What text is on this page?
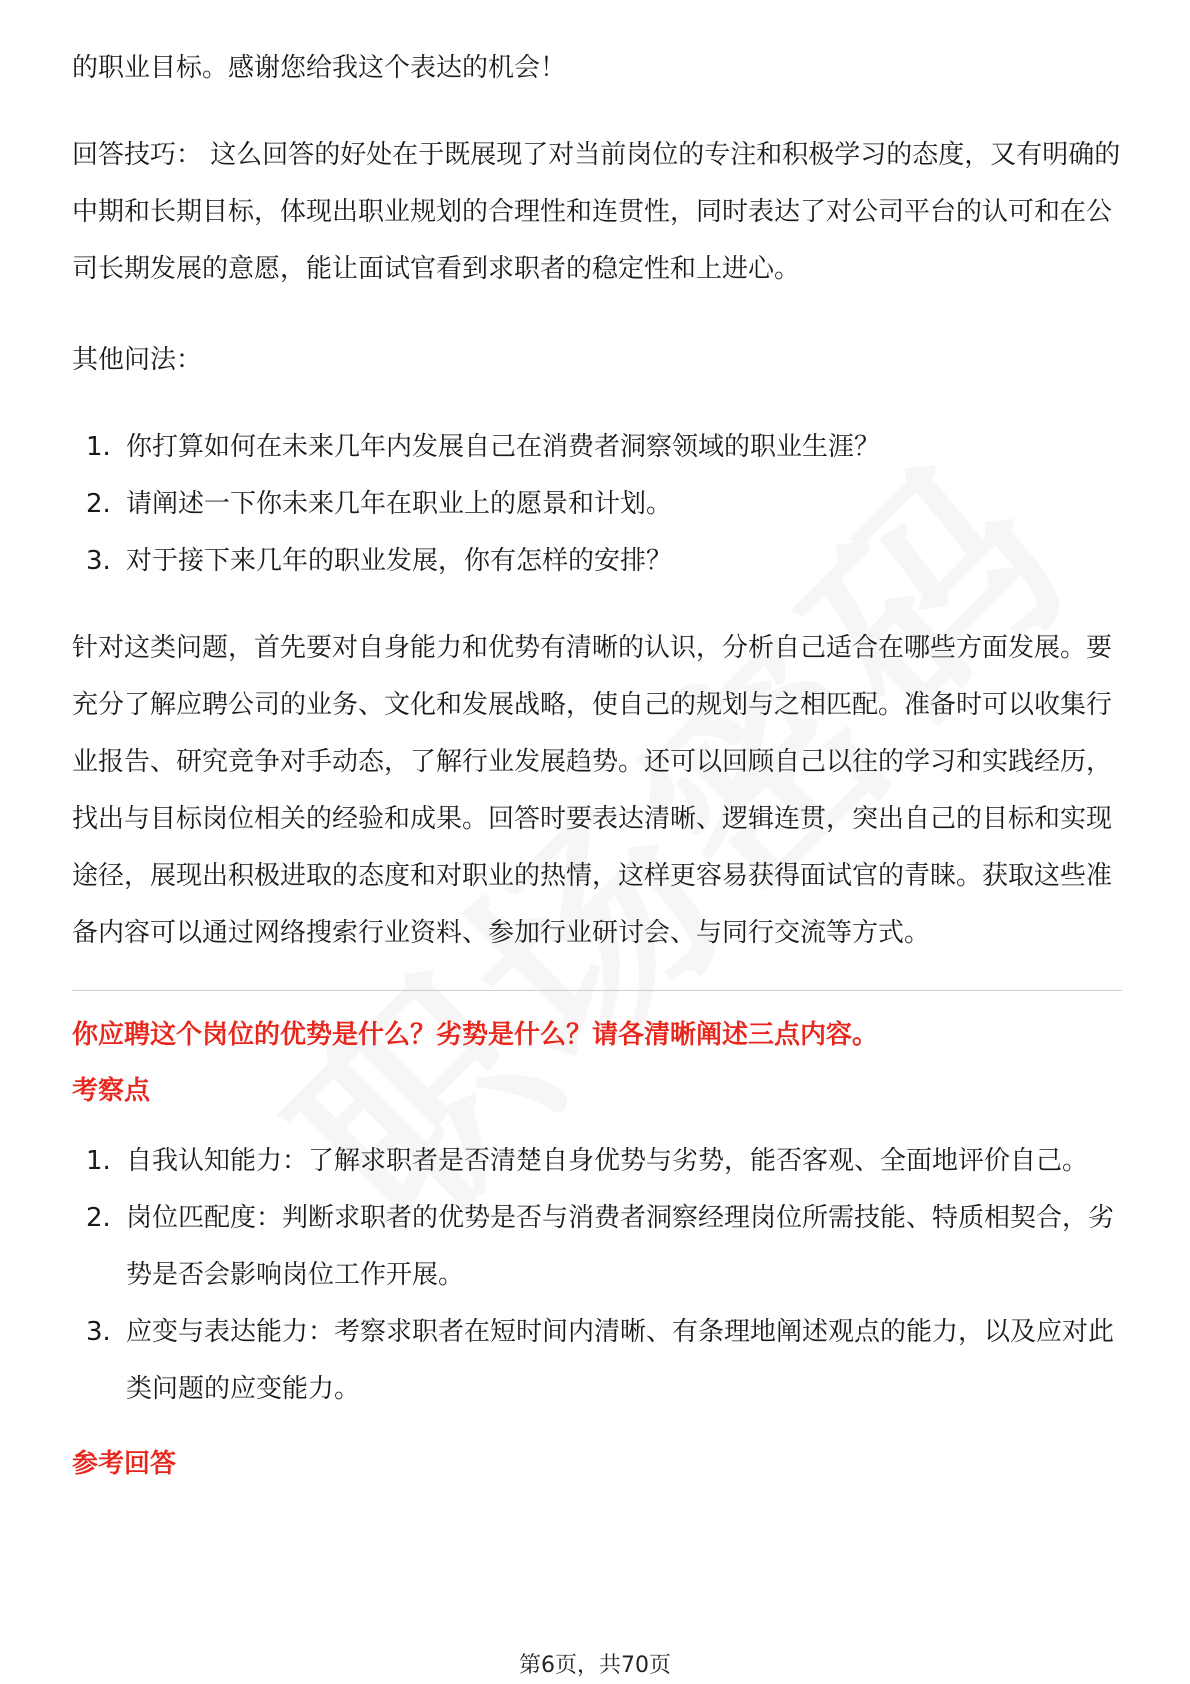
的职业目标。感谢您给我这个表达的机会！

回答技巧： 这么回答的好处在于既展现了对当前岗位的专注和积极学习的态度，又有明确的中期和长期目标，体现出职业规划的合理性和连贯性，同时表达了对公司平台的认可和在公司长期发展的意愿，能让面试官看到求职者的稳定性和上进心。

其他问法：

1. 你打算如何在未来几年内发展自己在消费者洞察领域的职业生涯？
2. 请阐述一下你未来几年在职业上的愿景和计划。
3. 对于接下来几年的职业发展，你有怎样的安排？

针对这类问题，首先要对自身能力和优势有清晰的认识，分析自己适合在哪些方面发展。要充分了解应聘公司的业务、文化和发展战略，使自己的规划与之相匹配。准备时可以收集行业报告、研究竞争对手动态，了解行业发展趋势。还可以回顾自己以往的学习和实践经历，找出与目标岗位相关的经验和成果。回答时要表达清晰、逻辑连贯，突出自己的目标和实现途径，展现出积极进取的态度和对职业的热情，这样更容易获得面试官的青睐。获取这些准备内容可以通过网络搜索行业资料、参加行业研讨会、与同行交流等方式。

你应聘这个岗位的优势是什么？劣势是什么？请各清晰阐述三点内容。
考察点
1. 自我认知能力：了解求职者是否清楚自身优势与劣势，能否客观、全面地评价自己。
2. 岗位匹配度：判断求职者的优势是否与消费者洞察经理岗位所需技能、特质相契合，劣势是否会影响岗位工作开展。
3. 应变与表达能力：考察求职者在短时间内清晰、有条理地阐述观点的能力，以及应对此类问题的应变能力。
参考回答
第6页，共70页
